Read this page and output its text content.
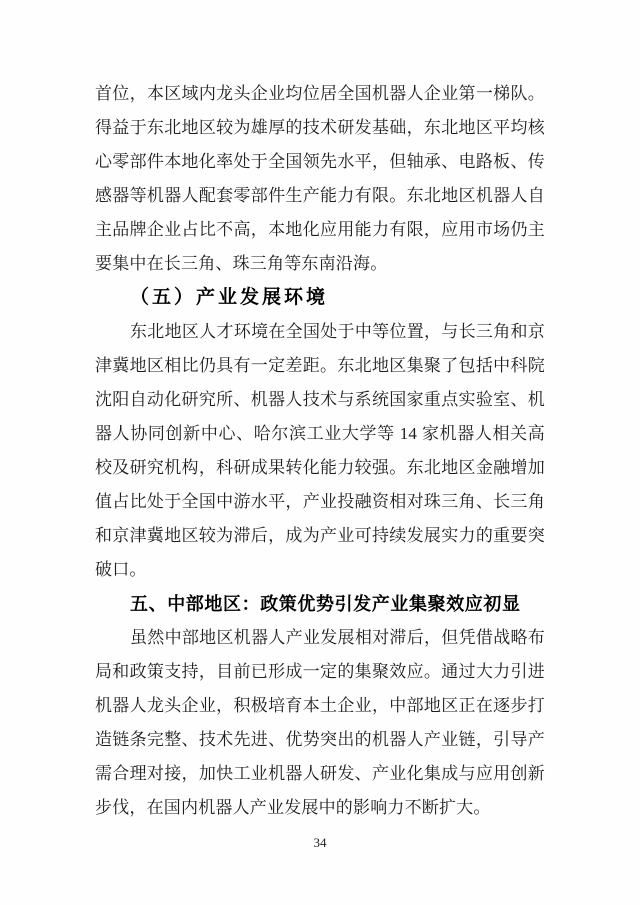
首位，本区域内龙头企业均位居全国机器人企业第一梯队。
得益于东北地区较为雄厚的技术研发基础，东北地区平均核
心零部件本地化率处于全国领先水平，但轴承、电路板、传
感器等机器人配套零部件生产能力有限。东北地区机器人自
主品牌企业占比不高，本地化应用能力有限，应用市场仍主
要集中在长三角、珠三角等东南沿海。
（五）产业发展环境
东北地区人才环境在全国处于中等位置，与长三角和京
津冀地区相比仍具有一定差距。东北地区集聚了包括中科院
沈阳自动化研究所、机器人技术与系统国家重点实验室、机
器人协同创新中心、哈尔滨工业大学等 14 家机器人相关高
校及研究机构，科研成果转化能力较强。东北地区金融增加
值占比处于全国中游水平，产业投融资相对珠三角、长三角
和京津冀地区较为滞后，成为产业可持续发展实力的重要突
破口。
五、中部地区：政策优势引发产业集聚效应初显
虽然中部地区机器人产业发展相对滞后，但凭借战略布
局和政策支持，目前已形成一定的集聚效应。通过大力引进
机器人龙头企业，积极培育本土企业，中部地区正在逐步打
造链条完整、技术先进、优势突出的机器人产业链，引导产
需合理对接，加快工业机器人研发、产业化集成与应用创新
步伐，在国内机器人产业发展中的影响力不断扩大。
34
